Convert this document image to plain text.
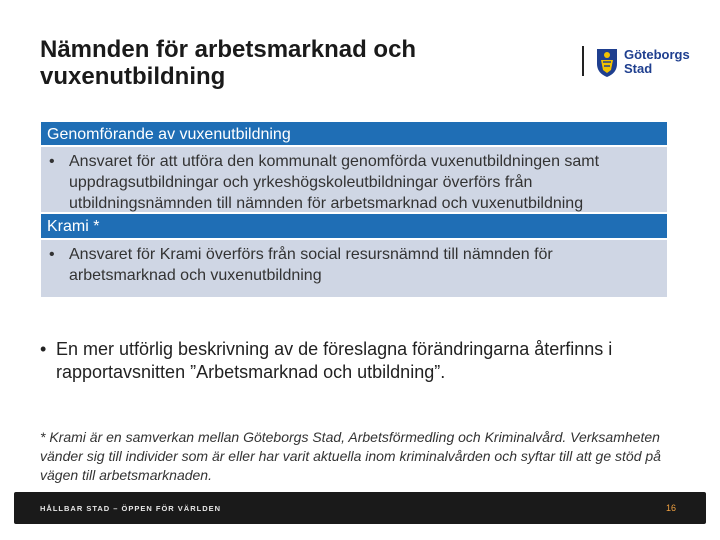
Nämnden för arbetsmarknad och vuxenutbildning
Göteborgs
Stad
Genomförande av vuxenutbildning
• Ansvaret för att utföra den kommunalt genomförda vuxenutbildningen samt uppdragsutbildningar och yrkeshögskoleutbildningar överförs från utbildningsnämnden till nämnden för arbetsmarknad och vuxenutbildning
Krami *
• Ansvaret för Krami överförs från social resursnämnd till nämnden för arbetsmarknad och vuxenutbildning
• En mer utförlig beskrivning av de föreslagna förändringarna återfinns i rapportavsnitten ”Arbetsmarknad och utbildning”.
* Krami är en samverkan mellan Göteborgs Stad, Arbetsförmedling och Kriminalvård. Verksamheten vänder sig till individer som är eller har varit aktuella inom kriminalvården och syftar till att ge stöd på vägen till arbetsmarknaden.
HÅLLBAR STAD – ÖPPEN FÖR VÄRLDEN	16
